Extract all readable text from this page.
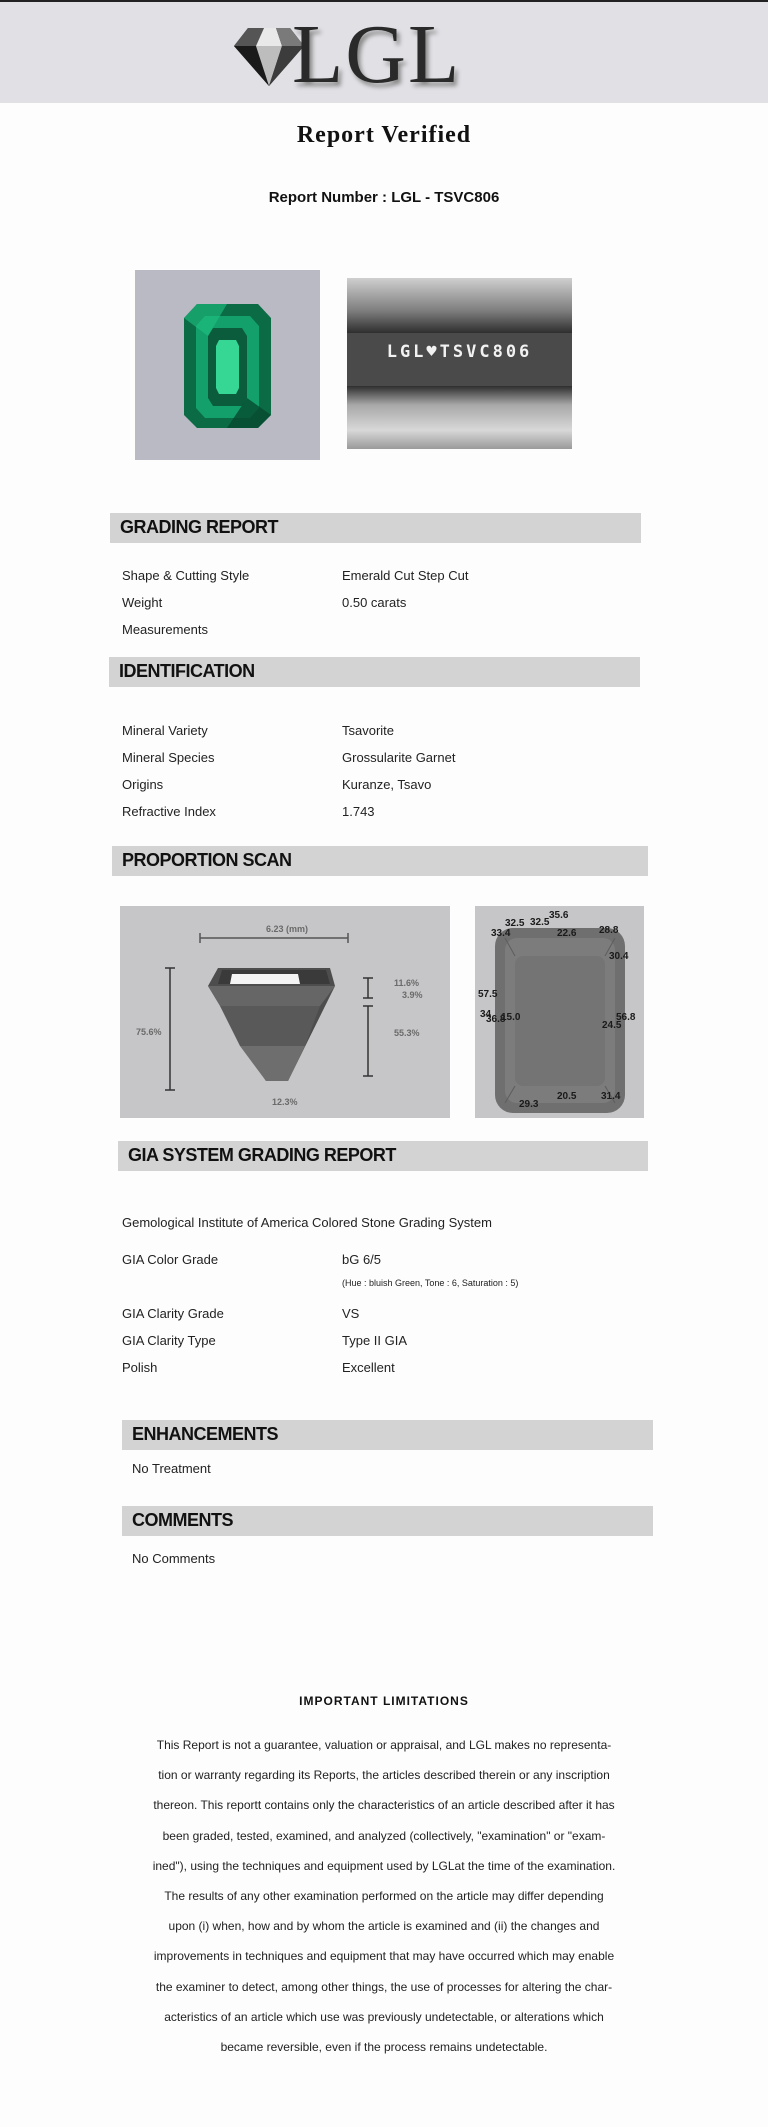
LGL
Report Verified
Report Number : LGL - TSVC806
LGL♥TSVC806
GRADING REPORT
Shape & Cutting Style	Emerald Cut Step Cut
Weight	0.50 carats
Measurements
IDENTIFICATION
Mineral Variety	Tsavorite
Mineral Species	Grossularite Garnet
Origins	Kuranze, Tsavo
Refractive Index	1.743
PROPORTION SCAN
6.23 (mm)
11.6%
3.9%
75.6%	55.3%
12.3%
35.6
32.5 32.5
33.4	22.6 28.8
30.4
57.5
34
36.8
15.0	56.8
24.5
20.5 31.4
29.3
GIA SYSTEM GRADING REPORT
Gemological Institute of America Colored Stone Grading System
GIA Color Grade	bG 6/5
(Hue : bluish Green, Tone : 6, Saturation : 5)
GIA Clarity Grade	VS
GIA Clarity Type	Type II GIA
Polish	Excellent
ENHANCEMENTS
No Treatment
COMMENTS
No Comments
IMPORTANT LIMITATIONS
This Report is not a guarantee, valuation or appraisal, and LGL makes no representa-
tion or warranty regarding its Reports, the articles described therein or any inscription
thereon. This reportt contains only the characteristics of an article described after it has
been graded, tested, examined, and analyzed (collectively, "examination" or "exam-
ined"), using the techniques and equipment used by LGLat the time of the examination.
The results of any other examination performed on the article may differ depending
upon (i) when, how and by whom the article is examined and (ii) the changes and
improvements in techniques and equipment that may have occurred which may enable
the examiner to detect, among other things, the use of processes for altering the char-
acteristics of an article which use was previously undetectable, or alterations which
became reversible, even if the process remains undetectable.
